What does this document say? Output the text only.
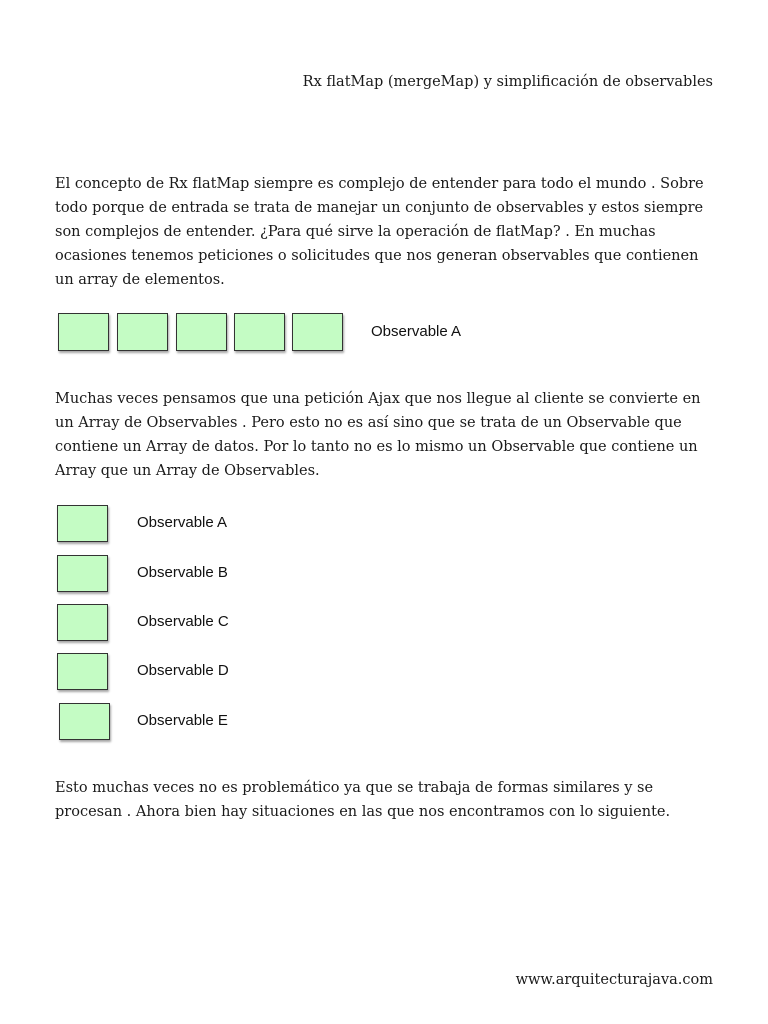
Rx flatMap (mergeMap) y simplificación de observables

El concepto de Rx flatMap siempre es complejo de entender para todo el mundo . Sobre todo porque de entrada se trata de manejar un conjunto de observables y estos siempre son complejos de entender. ¿Para qué sirve la operación de flatMap? . En muchas ocasiones tenemos peticiones o solicitudes que nos generan observables que contienen un array de elementos.

Observable A

Muchas veces pensamos que una petición Ajax que nos llegue al cliente se convierte en un Array de Observables . Pero esto no es así sino que se trata de un Observable que contiene un Array de datos. Por lo tanto no es lo mismo un Observable que contiene un Array que un Array de Observables.

Observable A
Observable B
Observable C
Observable D
Observable E

Esto muchas veces no es problemático ya que se trabaja de formas similares y se procesan . Ahora bien hay situaciones en las que nos encontramos con lo siguiente.

www.arquitecturajava.com
